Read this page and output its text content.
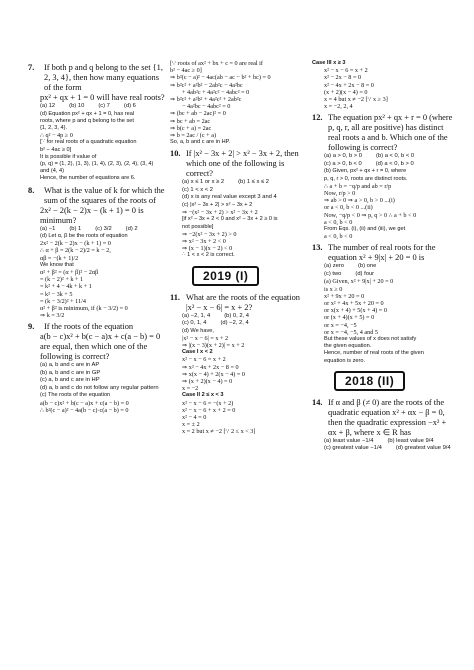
7.	If both p and q belong to the set {1, 2, 3, 4}, then how many equations of the form
px² + qx + 1 = 0 will have real roots?
(a) 12 (b) 10 (c) 7 (d) 6
(d) Equation px² + qx + 1 = 0, has real
roots, where p and q belong to the set
{1, 2, 3, 4}.
∴ q² − 4p ≥ 0
[∵ for real roots of a quadratic equation
b² − 4ac ≥ 0]
It is possible if value of
(p, q) = (1, 2), (1, 3), (1, 4), (2, 3), (2, 4), (3, 4)
and (4, 4)
Hence, the number of equations are 6.
8.	What is the value of k for which the sum of the squares of the roots of
2x² − 2(k − 2)x − (k + 1) = 0 is minimum?
(a) −1 (b) 1 (c) 3/2 (d) 2
(d) Let α, β be the roots of equation
2x² − 2(k − 2)x − (k + 1) = 0
∴ α + β = 2(k − 2)/2 = k − 2,
αβ = −(k + 1)/2
We know that
α² + β² = (α + β)² − 2αβ
= (k − 2)² + k + 1
= k² + 4 − 4k + k + 1
= k² − 3k + 5
= (k − 3/2)² + 11/4
α² + β² is minimum, if (k − 3/2) = 0
⇒ k = 3/2
9.	If the roots of the equation
a(b − c)x² + b(c − a)x + c(a − b) = 0 are equal, then which one of the following is correct?
(a) a, b and c are in AP
(b) a, b and c are in GP
(c) a, b and c are in HP
(d) a, b and c do not follow any regular pattern
(c) The roots of the equation
a(b − c)x² + b(c − a)x + c(a − b) = 0
∴ b²(c − a)² − 4a(b − c)·c(a − b) = 0
[∵ roots of ax² + bx + c = 0 are real if
b² − 4ac ≥ 0]
⇒ b²(c − a)² − 4ac(ab − ac − b² + bc) = 0
⇒ b²c² + a²b² − 2ab²c − 4a²bc
+ 4ab²c + 4a²c² − 4abc² = 0
⇒ b²c² + a²b² + 4a²c² + 2ab²c
− 4a²bc − 4abc² = 0
⇒ (bc + ab − 2ac)² = 0
⇒ bc + ab = 2ac
⇒ b(c + a) = 2ac
⇒ b = 2ac / (c + a)
So, a, b and c are in HP.
10. If |x² − 3x + 2| > x² − 3x + 2, then which one of the following is correct?
(a) x ≤ 1 or x ≥ 2 (b) 1 ≤ x ≤ 2
(c) 1 < x < 2
(d) x is any real value except 3 and 4
(c) |x² − 3x + 2| > x² − 3x + 2
⇒ −(x² − 3x + 2) > x² − 3x + 2
[if x² − 3x + 2 < 0 and x² − 3x + 2 ≥ 0 is
not possible]
⇒ −2(x² − 3x + 2) > 0
⇒ x² − 3x + 2 < 0
⇒ (x − 1)(x − 2) < 0
∴ 1 < x < 2 is correct.
2019 (I)
11. What are the roots of the equation |x² − x − 6| = x + 2?
(a) −2, 1, 4 (b) 0, 2, 4
(c) 0, 1, 4 (d) −2, 2, 4
(d) We have,
|x² − x − 6| = x + 2
⇒ |(x − 3)(x + 2)| = x + 2
Case I x < 2
x² − x − 6 = x + 2
⇒ x² − 4x + 2x − 8 = 0
⇒ x(x − 4) + 2(x − 4) = 0
⇒ (x + 2)(x − 4) = 0
x = −2
Case II 2 ≤ x < 3
x² − x − 6 = −(x + 2)
x² − x − 6 + x + 2 = 0
x² − 4 = 0
x = ± 2
x = 2 but x ≠ −2 [∵ 2 ≤ x < 3]
Case III x ≥ 3
x² − x − 6 = x + 2
x² − 2x − 8 = 0
x² − 4x + 2x − 8 = 0
(x + 2)(x − 4) = 0
x = 4 but x ≠ −2 [∵ x ≥ 3]
x = −2, 2, 4
12. The equation px² + qx + r = 0 (where p, q, r, all are positive) has distinct real roots a and b. Which one of the following is correct?
(a) a > 0, b > 0 (b) a < 0, b < 0
(c) a > 0, b < 0 (d) a < 0, b > 0
(b) Given, px² + qx + r = 0, where
p, q, r > 0, roots are distinct roots.
∴ a + b = −q/p and ab = r/p
Now, r/p > 0
⇒ ab > 0 ⇒ a > 0, b > 0 ...(i)
or a < 0, b < 0 ...(ii)
Now, −q/p < 0 ⇒ p, q > 0 ∴ a + b < 0
a < 0, b < 0
From Eqs. (i), (ii) and (iii), we get
a < 0, b < 0
13. The number of real roots for the equation x² + 9|x| + 20 = 0 is
(a) zero (b) one
(c) two (d) four
(a) Given, x² + 9|x| + 20 = 0
is x ≥ 0
x² + 9x + 20 = 0
or x² + 4x + 5x + 20 = 0
or x(x + 4) + 5(x + 4) = 0
or (x + 4)(x + 5) = 0
or x = −4, −5
or x = −4, −5, 4 and 5
But these values of x does not satisfy
the given equation.
Hence, number of real roots of the given
equation is zero.
2018 (II)
14. If α and β (≠ 0) are the roots of the quadratic equation x² + αx − β = 0, then the quadratic expression −x² + αx + β, where x ∈ R has
(a) least value −1/4 (b) least value 9/4
(c) greatest value −1/4 (d) greatest value 9/4
